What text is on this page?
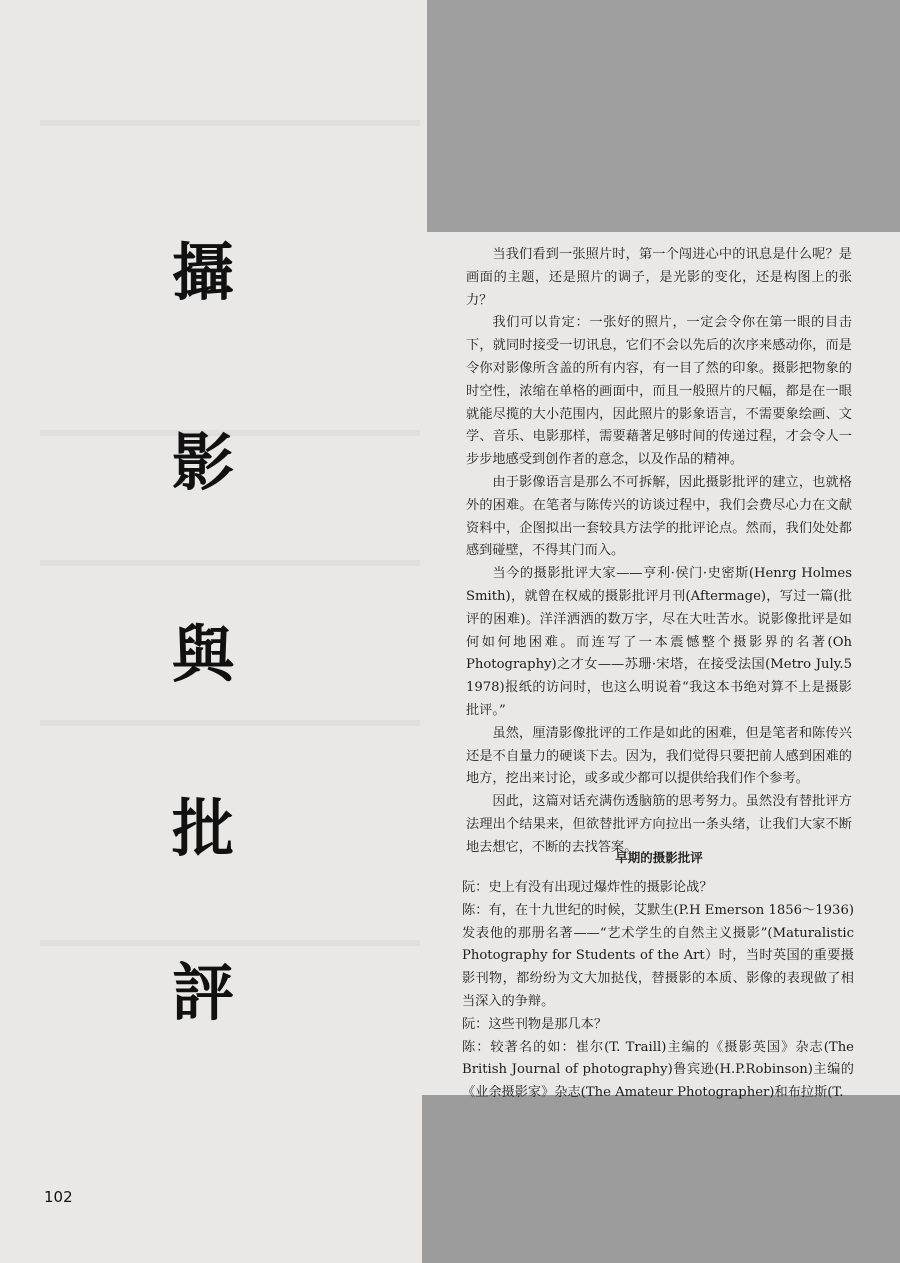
攝
影
與
批
評

当我们看到一张照片时，第一个闯进心中的讯息是什么呢？是画面的主题，还是照片的调子，是光影的变化，还是构图上的张力？

我们可以肯定：一张好的照片，一定会令你在第一眼的目击下，就同时接受一切讯息，它们不会以先后的次序来感动你，而是令你对影像所含盖的所有内容，有一目了然的印象。摄影把物象的时空性，浓缩在单格的画面中，而且一般照片的尺幅，都是在一眼就能尽揽的大小范围内，因此照片的影象语言，不需要象绘画、文学、音乐、电影那样，需要藉著足够时间的传递过程，才会令人一步步地感受到创作者的意念，以及作品的精神。

由于影像语言是那么不可拆解，因此摄影批评的建立，也就格外的困难。在笔者与陈传兴的访谈过程中，我们会费尽心力在文献资料中，企图拟出一套较具方法学的批评论点。然而，我们处处都感到碰壁，不得其门而入。

当今的摄影批评大家——亨利·侯门·史密斯(Henrg Holmes Smith)，就曾在权威的摄影批评月刊(Aftermage)，写过一篇(批评的困难)。洋洋洒洒的数万字，尽在大吐苦水。说影像批评是如何如何地困难。而连写了一本震憾整个摄影界的名著(Oh Photography)之才女——苏珊·宋塔，在接受法国(Metro July.5 1978)报纸的访问时，也这么明说着“我这本书绝对算不上是摄影批评。”

虽然，厘清影像批评的工作是如此的困难，但是笔者和陈传兴还是不自量力的硬谈下去。因为，我们觉得只要把前人感到困难的地方，挖出来讨论，或多或少都可以提供给我们作个参考。

因此，这篇对话充满伤透脑筋的思考努力。虽然没有替批评方法理出个结果来，但欲替批评方向拉出一条头绪，让我们大家不断地去想它，不断的去找答案。

早期的摄影批评

阮：史上有没有出现过爆炸性的摄影论战？

陈：有，在十九世纪的时候，艾默生(P.H Emerson 1856～1936)发表他的那册名著——“艺术学生的自然主义摄影”(Maturalistic Photography for Students of the Art）时，当时英国的重要摄影刊物，都纷纷为文大加挞伐，替摄影的本质、影像的表现做了相当深入的争辩。

阮：这些刊物是那几本？

陈：较著名的如：崔尔(T. Traill)主编的《摄影英国》杂志(The British Journal of photography)鲁宾逊(H.P.Robinson)主编的《业余摄影家》杂志(The Amateur Photographer)和布拉斯(T.

102
